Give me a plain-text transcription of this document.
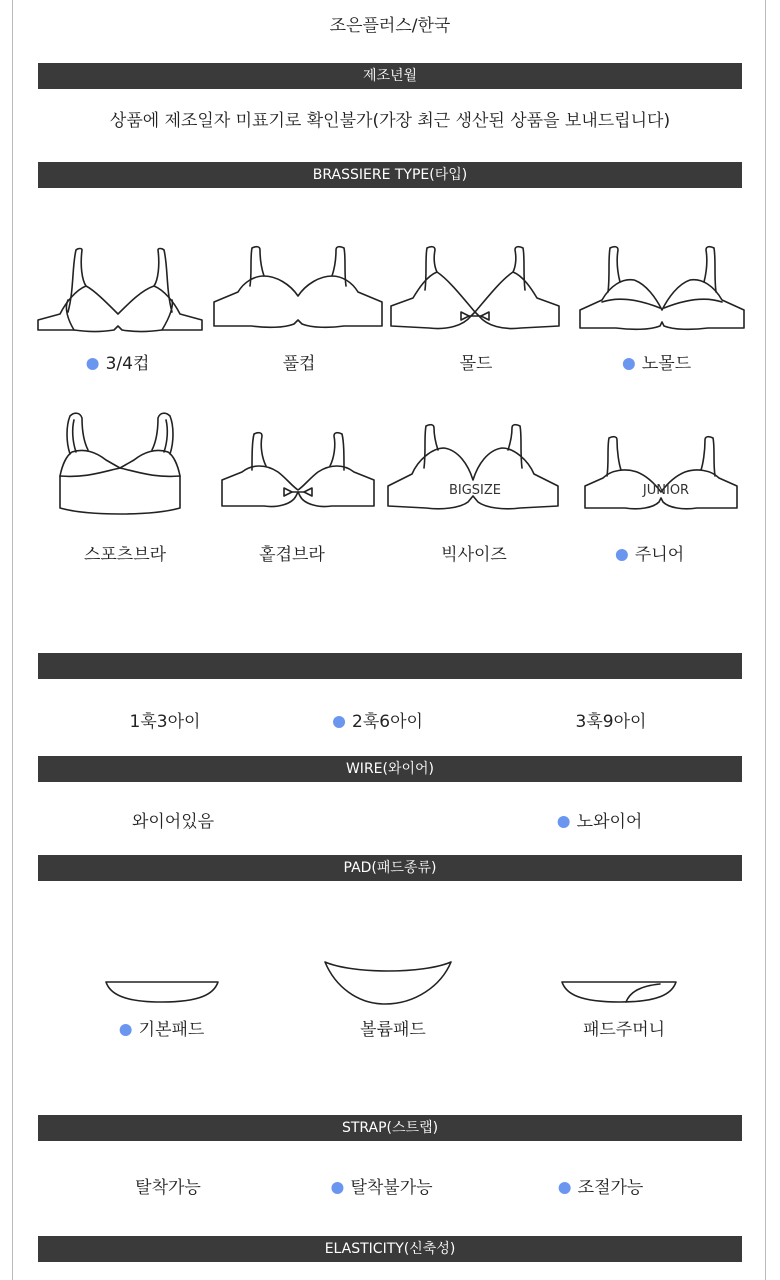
조은플러스/한국
제조년월
상품에 제조일자 미표기로 확인불가(가장 최근 생산된 상품을 보내드립니다)
BRASSIERE TYPE(타입)
3/4컵	풀컵	몰드	노몰드
BIGSIZE	JUNIOR
스포츠브라	홑겹브라	빅사이즈	주니어
1훅3아이	2훅6아이	3훅9아이
WIRE(와이어)
와이어있음	노와이어
PAD(패드종류)
기본패드	볼륨패드	패드주머니
STRAP(스트랩)
탈착가능	탈착불가능	조절가능
ELASTICITY(신축성)
